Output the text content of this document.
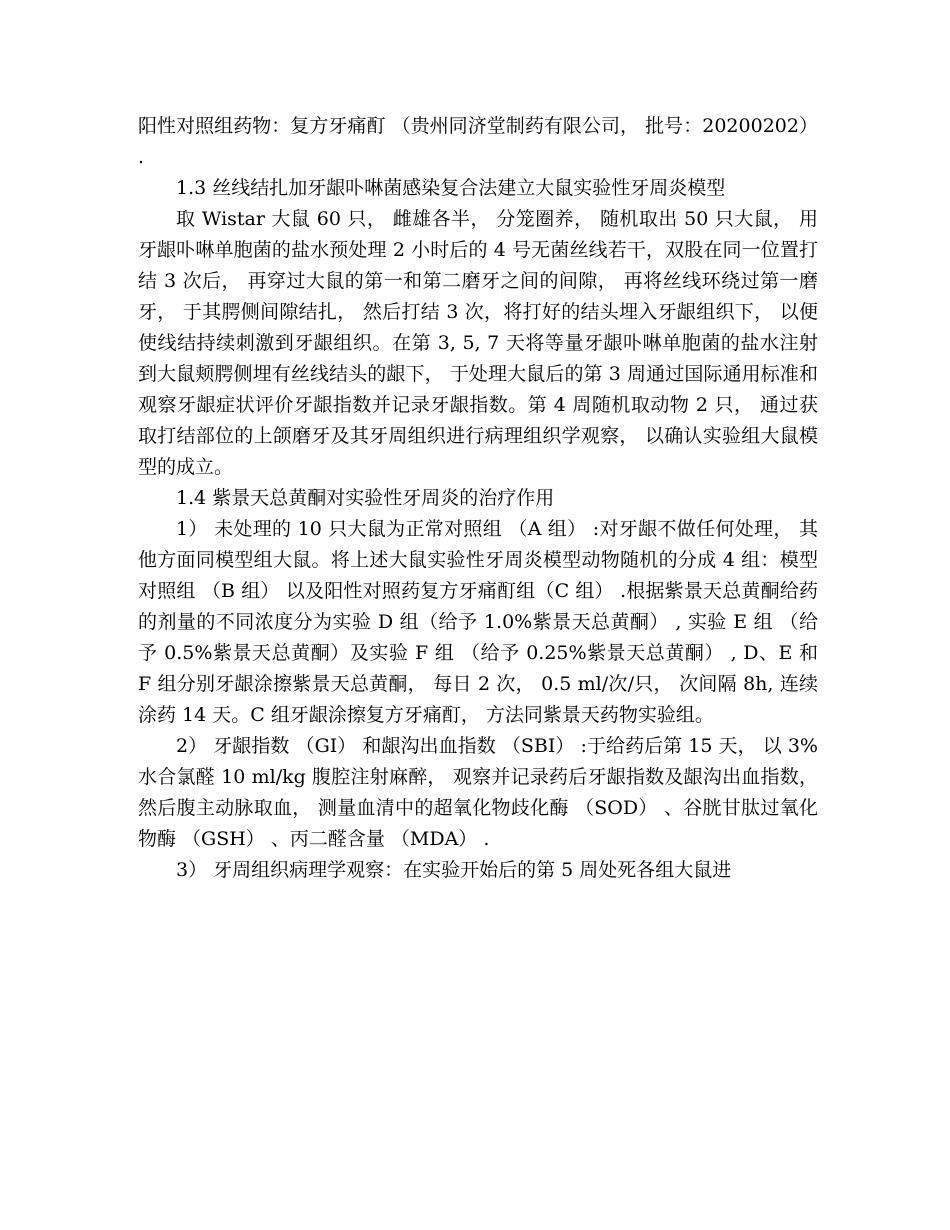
阳性对照组药物：复方牙痛酊 （贵州同济堂制药有限公司， 批号：20200202） .

1.3 丝线结扎加牙龈卟啉菌感染复合法建立大鼠实验性牙周炎模型

取 Wistar 大鼠 60 只， 雌雄各半， 分笼圈养， 随机取出 50 只大鼠， 用牙龈卟啉单胞菌的盐水预处理 2 小时后的 4 号无菌丝线若干，双股在同一位置打结 3 次后， 再穿过大鼠的第一和第二磨牙之间的间隙， 再将丝线环绕过第一磨牙， 于其腭侧间隙结扎， 然后打结 3 次，将打好的结头埋入牙龈组织下， 以便使线结持续刺激到牙龈组织。在第 3, 5, 7 天将等量牙龈卟啉单胞菌的盐水注射到大鼠颊腭侧埋有丝线结头的龈下， 于处理大鼠后的第 3 周通过国际通用标准和观察牙龈症状评价牙龈指数并记录牙龈指数。第 4 周随机取动物 2 只， 通过获取打结部位的上颌磨牙及其牙周组织进行病理组织学观察， 以确认实验组大鼠模型的成立。

1.4 紫景天总黄酮对实验性牙周炎的治疗作用

1） 未处理的 10 只大鼠为正常对照组 （A 组） :对牙龈不做任何处理， 其他方面同模型组大鼠。将上述大鼠实验性牙周炎模型动物随机的分成 4 组：模型对照组 （B 组） 以及阳性对照药复方牙痛酊组（C 组） .根据紫景天总黄酮给药的剂量的不同浓度分为实验 D 组（给予 1.0%紫景天总黄酮） , 实验 E 组 （给予 0.5%紫景天总黄酮）及实验 F 组 （给予 0.25%紫景天总黄酮） , D、E 和 F 组分别牙龈涂擦紫景天总黄酮， 每日 2 次， 0.5 ml/次/只， 次间隔 8h, 连续涂药 14 天。C 组牙龈涂擦复方牙痛酊， 方法同紫景天药物实验组。

2） 牙龈指数 （GI） 和龈沟出血指数 （SBI） :于给药后第 15 天， 以 3%水合氯醛 10 ml/kg 腹腔注射麻醉， 观察并记录药后牙龈指数及龈沟出血指数， 然后腹主动脉取血， 测量血清中的超氧化物歧化酶 （SOD） 、谷胱甘肽过氧化物酶 （GSH） 、丙二醛含量 （MDA） .

3） 牙周组织病理学观察：在实验开始后的第 5 周处死各组大鼠进
